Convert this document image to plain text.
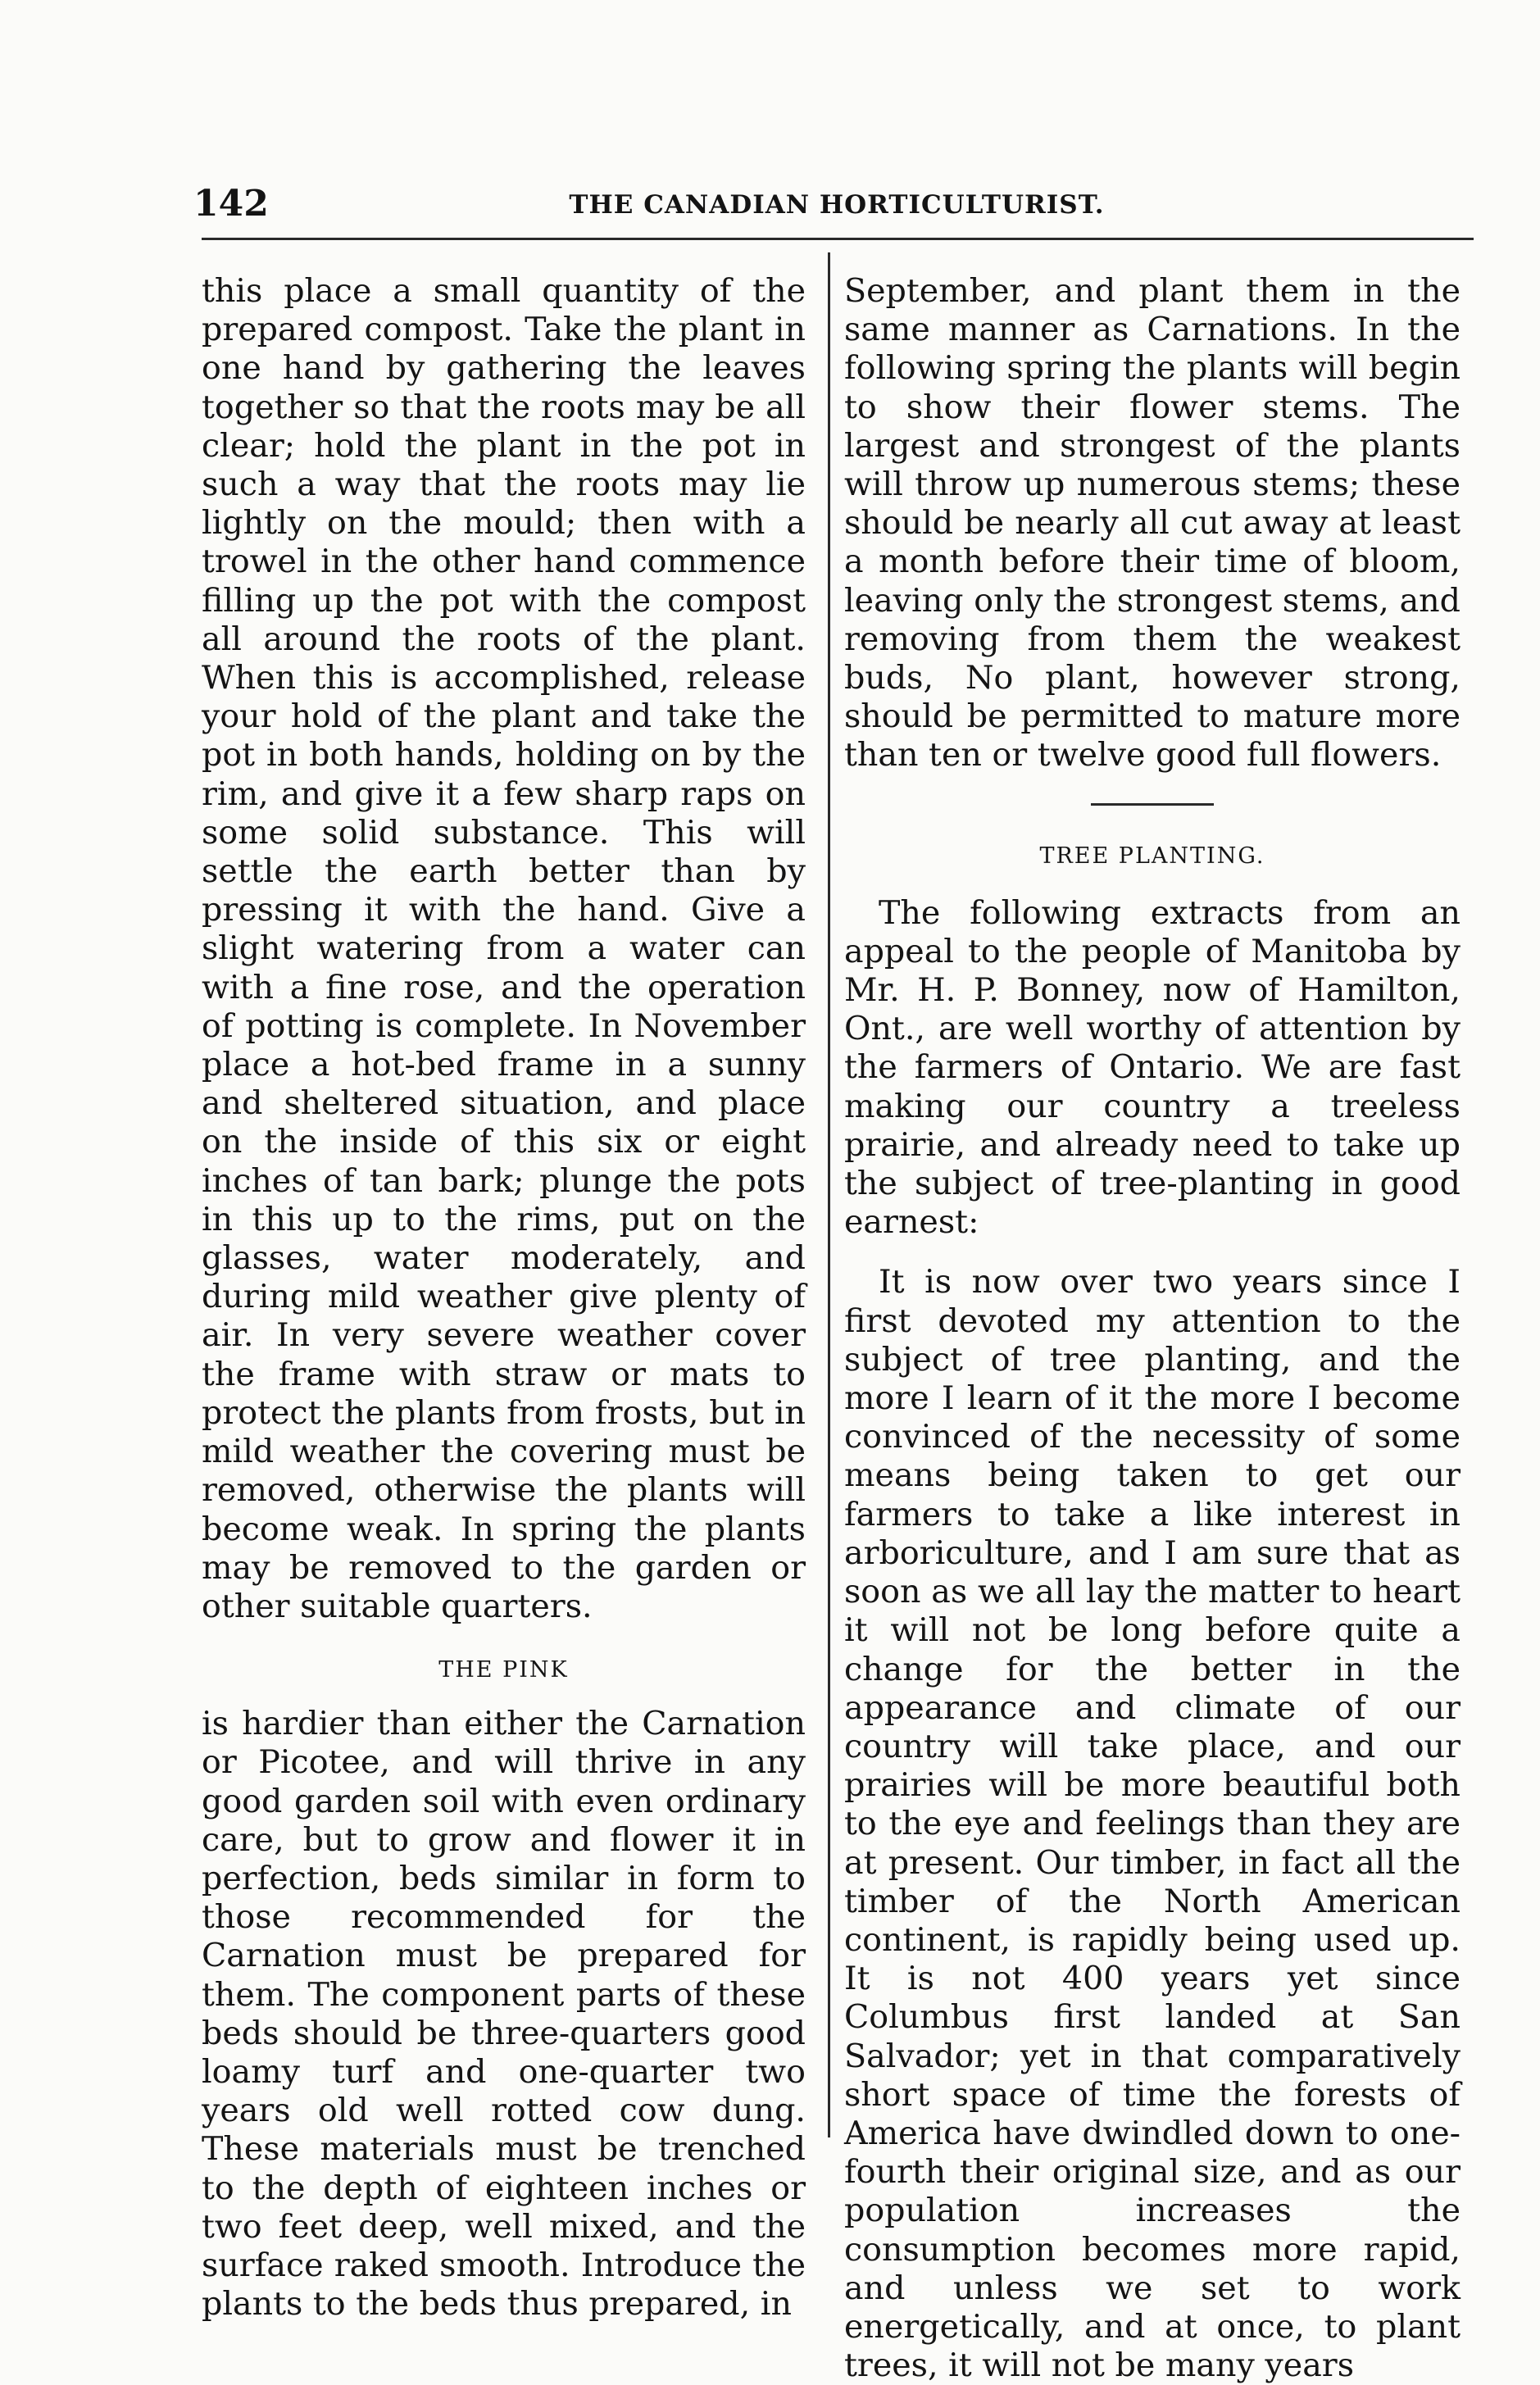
142	THE CANADIAN HORTICULTURIST.

this place a small quantity of the prepared compost. Take the plant in one hand by gathering the leaves together so that the roots may be all clear; hold the plant in the pot in such a way that the roots may lie lightly on the mould; then with a trowel in the other hand commence filling up the pot with the compost all around the roots of the plant. When this is accomplished, release your hold of the plant and take the pot in both hands, holding on by the rim, and give it a few sharp raps on some solid substance. This will settle the earth better than by pressing it with the hand. Give a slight watering from a water can with a fine rose, and the operation of potting is complete. In November place a hot-bed frame in a sunny and sheltered situation, and place on the inside of this six or eight inches of tan bark; plunge the pots in this up to the rims, put on the glasses, water moderately, and during mild weather give plenty of air. In very severe weather cover the frame with straw or mats to protect the plants from frosts, but in mild weather the covering must be removed, otherwise the plants will become weak. In spring the plants may be removed to the garden or other suitable quarters.

THE PINK

is hardier than either the Carnation or Picotee, and will thrive in any good garden soil with even ordinary care, but to grow and flower it in perfection, beds similar in form to those recommended for the Carnation must be prepared for them. The component parts of these beds should be three-quarters good loamy turf and one-quarter two years old well rotted cow dung. These materials must be trenched to the depth of eighteen inches or two feet deep, well mixed, and the surface raked smooth. Introduce the plants to the beds thus prepared, in

September, and plant them in the same manner as Carnations. In the following spring the plants will begin to show their flower stems. The largest and strongest of the plants will throw up numerous stems; these should be nearly all cut away at least a month before their time of bloom, leaving only the strongest stems, and removing from them the weakest buds, No plant, however strong, should be permitted to mature more than ten or twelve good full flowers.

TREE PLANTING.

The following extracts from an appeal to the people of Manitoba by Mr. H. P. Bonney, now of Hamilton, Ont., are well worthy of attention by the farmers of Ontario. We are fast making our country a treeless prairie, and already need to take up the subject of tree-planting in good earnest:

It is now over two years since I first devoted my attention to the subject of tree planting, and the more I learn of it the more I become convinced of the necessity of some means being taken to get our farmers to take a like interest in arboriculture, and I am sure that as soon as we all lay the matter to heart it will not be long before quite a change for the better in the appearance and climate of our country will take place, and our prairies will be more beautiful both to the eye and feelings than they are at present. Our timber, in fact all the timber of the North American continent, is rapidly being used up. It is not 400 years yet since Columbus first landed at San Salvador; yet in that comparatively short space of time the forests of America have dwindled down to one-fourth their original size, and as our population increases the consumption becomes more rapid, and unless we set to work energetically, and at once, to plant trees, it will not be many years
